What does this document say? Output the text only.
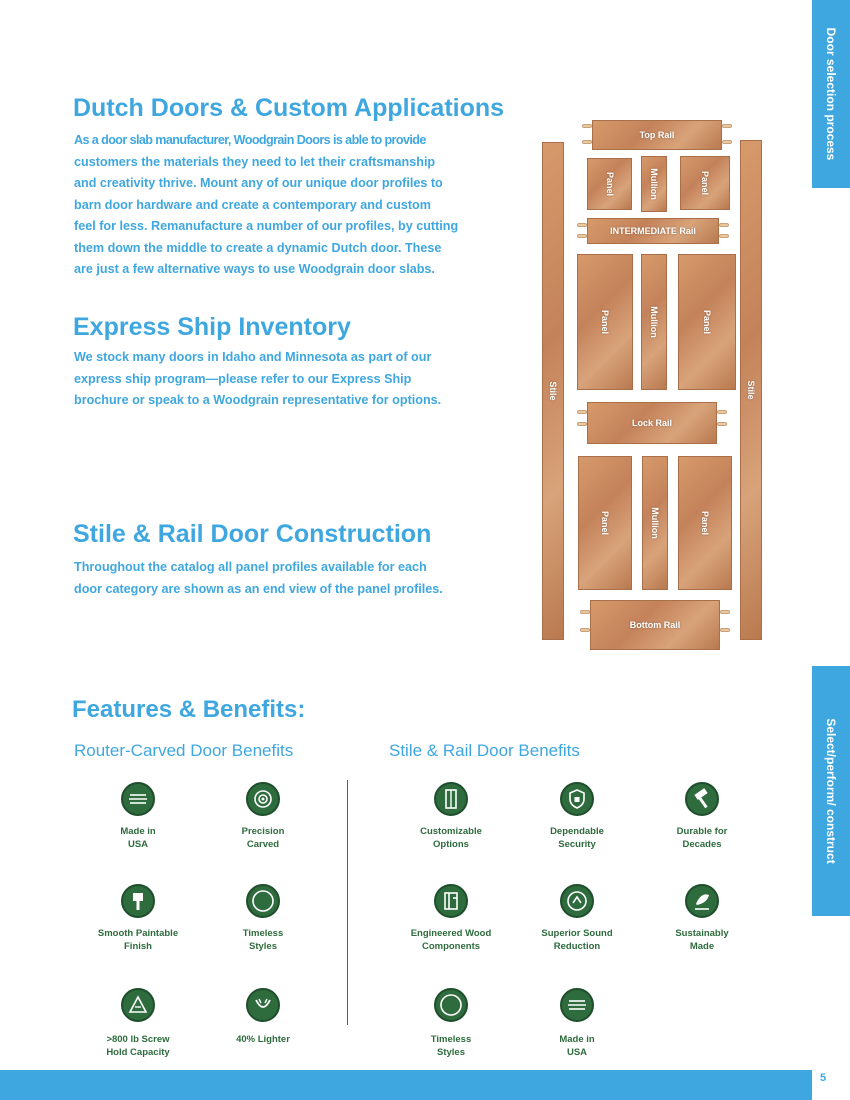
Door selection process
Select/perform/ construct
Dutch Doors & Custom Applications
As a door slab manufacturer, Woodgrain Doors is able to provide
customers the materials they need to let their craftsmanship
and creativity thrive. Mount any of our unique door profiles to
barn door hardware and create a contemporary and custom
feel for less. Remanufacture a number of our profiles, by cutting
them down the middle to create a dynamic Dutch door. These
are just a few alternative ways to use Woodgrain door slabs.
Express Ship Inventory
We stock many doors in Idaho and Minnesota as part of our
express ship program—please refer to our Express Ship
brochure or speak to a Woodgrain representative for options.
Stile & Rail Door Construction
Throughout the catalog all panel profiles available for each
door category are shown as an end view of the panel profiles.
Stile	Stile
Top Rail
Panel	Mullion	Panel
INTERMEDIATE Rail
Panel	Mullion	Panel
Lock Rail
Panel	Mullion	Panel
Bottom Rail
Features & Benefits:
Router-Carved Door Benefits	Stile & Rail Door Benefits
Made in
USA
Precision
Carved
Smooth Paintable
Finish
Timeless
Styles
>800 lb Screw
Hold Capacity
40% Lighter
Customizable
Options
Dependable
Security
Durable for
Decades
Engineered Wood
Components
Superior Sound
Reduction
Sustainably
Made
Timeless
Styles
Made in
USA
5
